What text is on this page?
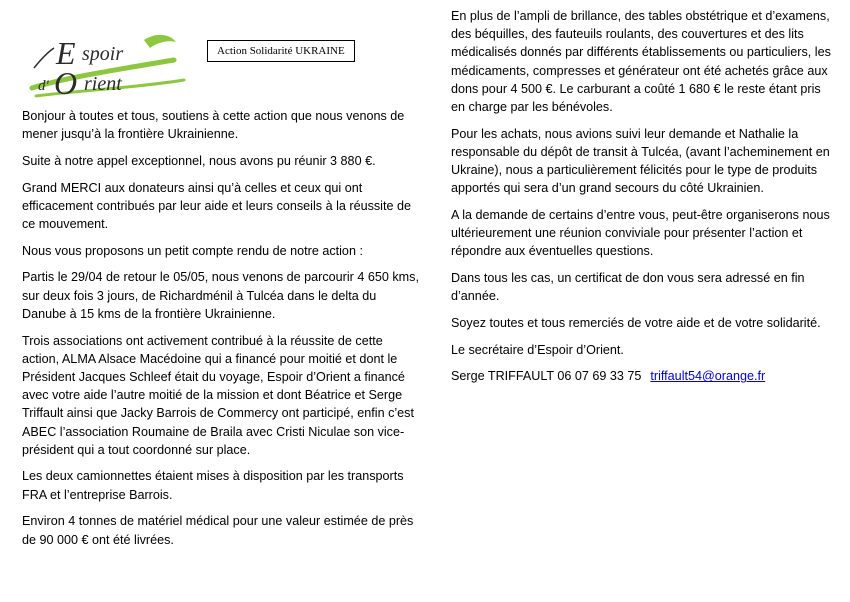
E spoir
d' O rient
Action Solidarité UKRAINE

Bonjour à toutes et tous, soutiens à cette action que nous venons de mener jusqu’à la frontière Ukrainienne.

Suite à notre appel exceptionnel, nous avons pu réunir 3 880 €.

Grand MERCI aux donateurs ainsi qu’à celles et ceux qui ont efficacement contribués par leur aide et leurs conseils à la réussite de ce mouvement.

Nous vous proposons un petit compte rendu de notre action :

Partis le 29/04 de retour le 05/05, nous venons de parcourir 4 650 kms, sur deux fois 3 jours, de Richardménil à Tulcéa dans le delta du Danube à 15 kms de la frontière Ukrainienne.

Trois associations ont activement contribué à la réussite de cette action, ALMA Alsace Macédoine qui a financé pour moitié et dont le Président Jacques Schleef était du voyage, Espoir d’Orient a financé avec votre aide l’autre moitié de la mission et dont Béatrice et Serge Triffault ainsi que Jacky Barrois de Commercy ont participé, enfin c’est ABEC l’association Roumaine de Braila avec Cristi Niculae son vice-président qui a tout coordonné sur place.

Les deux camionnettes étaient mises à disposition par les transports FRA et l’entreprise Barrois.

Environ 4 tonnes de matériel médical pour une valeur estimée de près de 90 000 € ont été livrées.

En plus de l’ampli de brillance, des tables obstétrique et d’examens, des béquilles, des fauteuils roulants, des couvertures et des lits médicalisés donnés par différents établissements ou particuliers, les médicaments, compresses et générateur ont été achetés grâce aux dons pour 4 500 €. Le carburant a coûté 1 680 € le reste étant pris en charge par les bénévoles.

Pour les achats, nous avions suivi leur demande et Nathalie la responsable du dépôt de transit à Tulcéa, (avant l’acheminement en Ukraine), nous a particulièrement félicités pour le type de produits apportés qui sera d’un grand secours du côté Ukrainien.

A la demande de certains d’entre vous, peut-être organiserons nous ultérieurement une réunion conviviale pour présenter l’action et répondre aux éventuelles questions.

Dans tous les cas, un certificat de don vous sera adressé en fin d’année.

Soyez toutes et tous remerciés de votre aide et de votre solidarité.

Le secrétaire d’Espoir d’Orient.

Serge TRIFFAULT 06 07 69 33 75 triffault54@orange.fr
